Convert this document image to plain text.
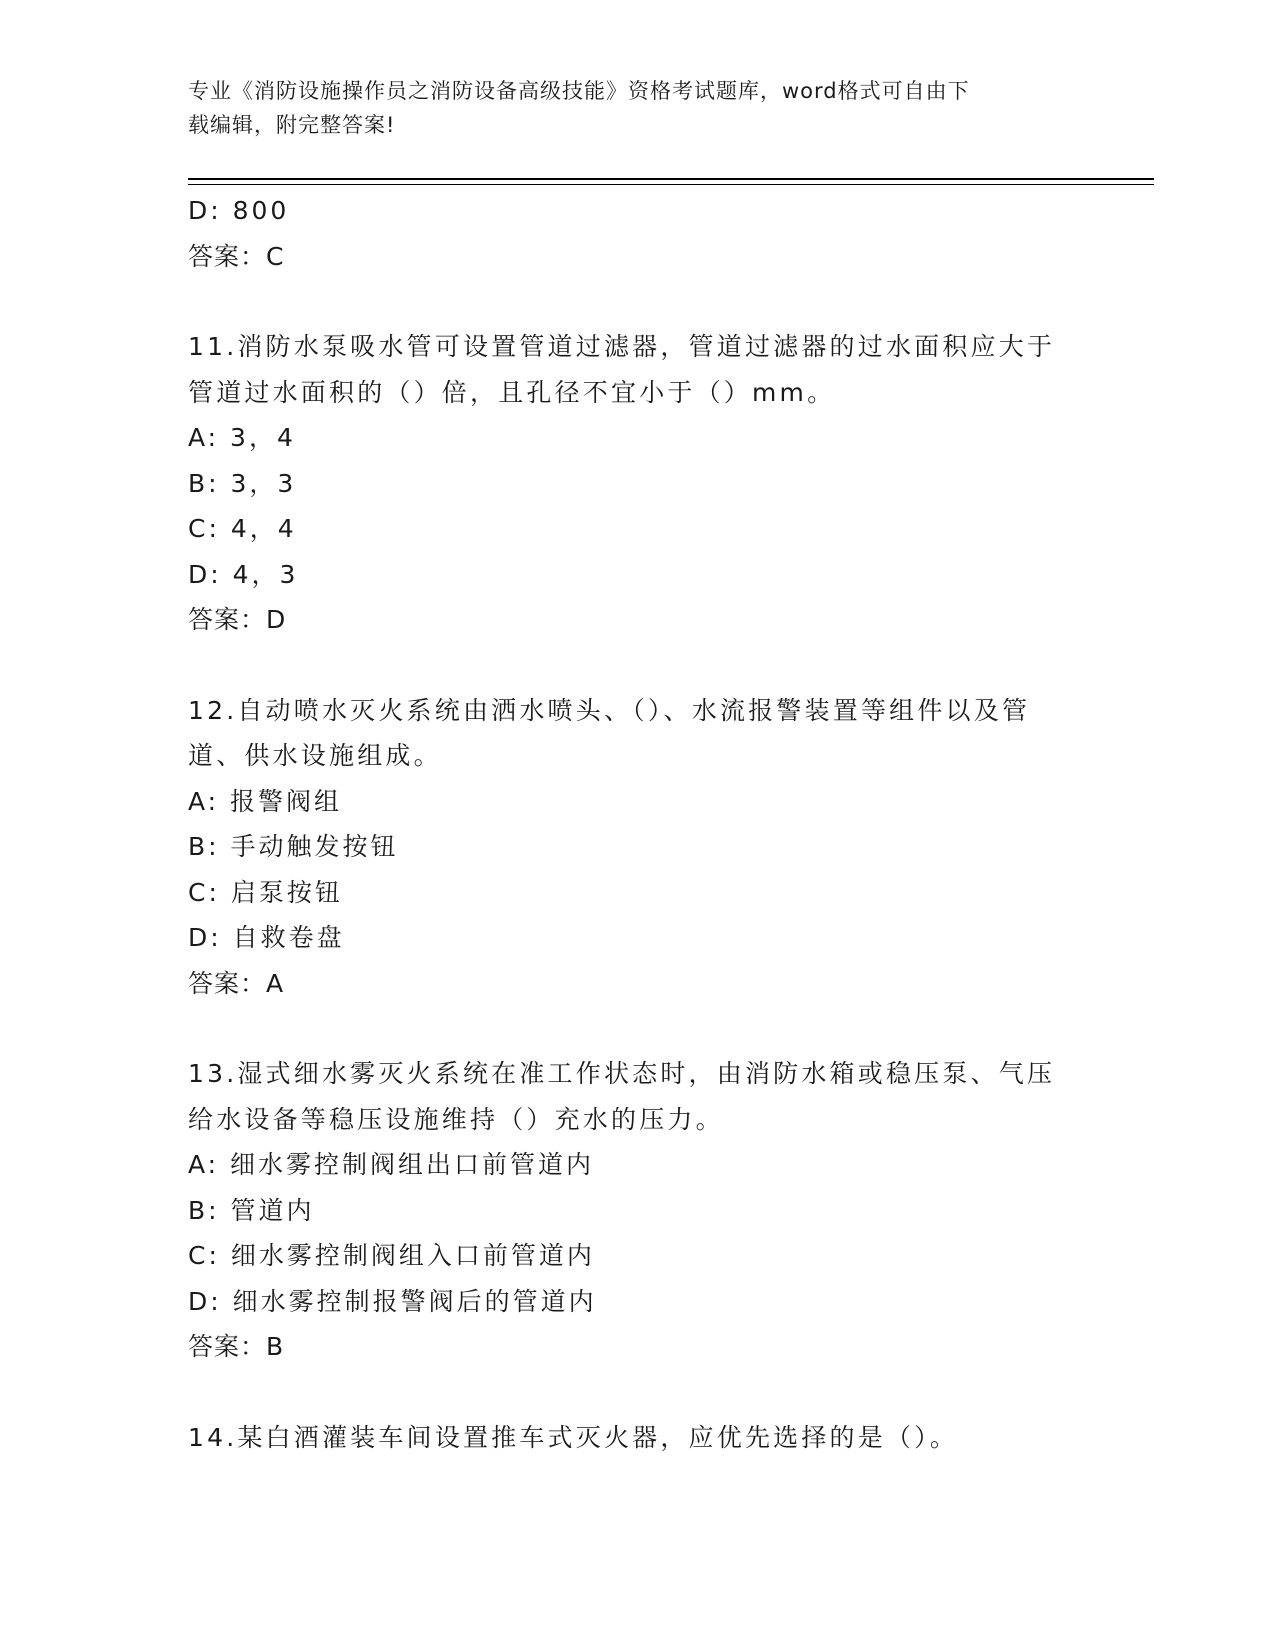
专业《消防设施操作员之消防设备高级技能》资格考试题库，word格式可自由下
载编辑，附完整答案!
D: 800
答案：C
11.消防水泵吸水管可设置管道过滤器，管道过滤器的过水面积应大于
管道过水面积的（）倍，且孔径不宜小于（）mm。
A: 3，4
B: 3，3
C: 4，4
D: 4，3
答案：D
12.自动喷水灭火系统由洒水喷头、（）、水流报警装置等组件以及管
道、供水设施组成。
A: 报警阀组
B: 手动触发按钮
C: 启泵按钮
D: 自救卷盘
答案：A
13.湿式细水雾灭火系统在准工作状态时，由消防水箱或稳压泵、气压
给水设备等稳压设施维持（）充水的压力。
A: 细水雾控制阀组出口前管道内
B: 管道内
C: 细水雾控制阀组入口前管道内
D: 细水雾控制报警阀后的管道内
答案：B
14.某白酒灌装车间设置推车式灭火器，应优先选择的是（）。
